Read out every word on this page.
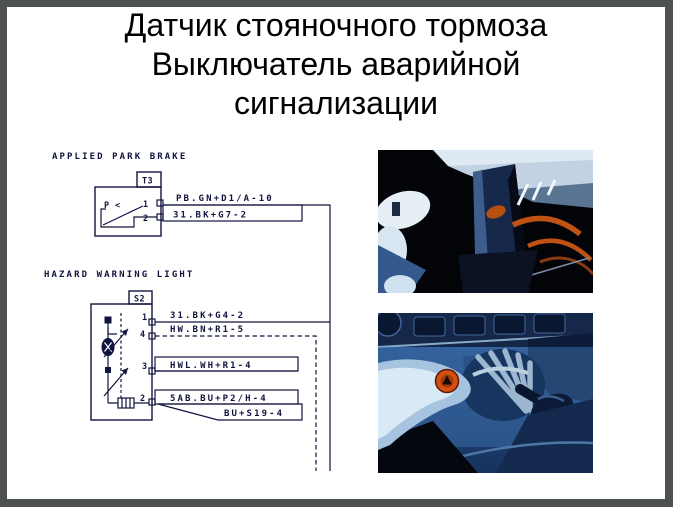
Датчик стояночного тормоза
Выключатель аварийной
сигнализации
APPLIED PARK BRAKE
T3
P <	1
2
PB.GN+D1/A-10
31.BK+G7-2
HAZARD WARNING LIGHT
S2
1
4
3
2
31.BK+G4-2
HW.BN+R1-5
HWL.WH+R1-4
5AB.BU+P2/H-4
BU+S19-4
